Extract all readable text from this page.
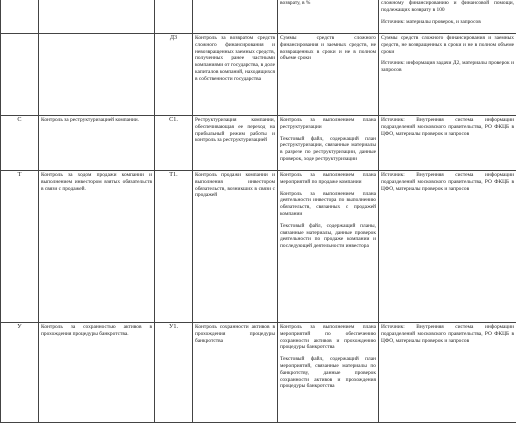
				возврату, в %	сложному финансированию и финансовой помощи, подлежащих возврату в 100
Источник: материалы проверок, и запросов

		Д3	Контроль за возвратом средств сложного финансирования и невозвращенных заемных средств, полученных ранее частными компаниями от государства, в доле капиталов компаний, находящихся в собственности государства	Суммы средств сложного финансирования и заемных средств, не возвращенных в сроки и не в полном объеме сроки	Суммы средств сложного финансирования и заемных средств, не возвращенных в сроки и не в полном объеме сроки
Источник: информация задачи Д2, материалы проверок и запросов

С	Контроль за реструктуризацией компании.	С1.	Реструктуризация компании, обеспечивающая ее переход на прибыльный режим работы и контроль за реструктуризацией	Контроль за выполнением плана реструктуризации
Текстовый файл, содержащий план реструктуризации, связанные материалы в разрезе по реструктуризации, данные проверок, ходе реструктуризации	Источник: Внутренняя система информации подразделений московского правительства, РО ФКЦБ в ЦФО, материалы проверок и запросов

Т	Контроль за ходом продажи компании и выполнением инвестором взятых обязательств в связи с продажей.	Т1.	Контроль продажи компании и выполнения инвестором обязательств, возникших в связи с продажей	Контроль за выполнением плана мероприятий по продаже компании
Контроль за выполнением плана деятельности инвестора по выполнению обязательств, связанных с продажей компании
Текстовый файл, содержащий планы, связанные материалы, данные проверок деятельности по продаже компании и последующей деятельности инвестора	Источник: Внутренняя система информации подразделений московского правительства, РО ФКЦБ в ЦФО, материалы проверок и запросов

У	Контроль за сохранностью активов в прохождения процедуры банкротства.	У1.	Контроль сохранности активов в прохождения процедуры банкротства	Контроль за выполнением плана мероприятий по обеспечению сохранности активов и прохождению процедуры банкротства
Текстовый файл, содержащий план мероприятий, связанные материалы по банкротству, данные проверок сохранности активов и прохождения процедуры банкротства	Источник: Внутренняя система информации подразделений московского правительства, РО ФКЦБ в ЦФО, материалы проверок и запросов
